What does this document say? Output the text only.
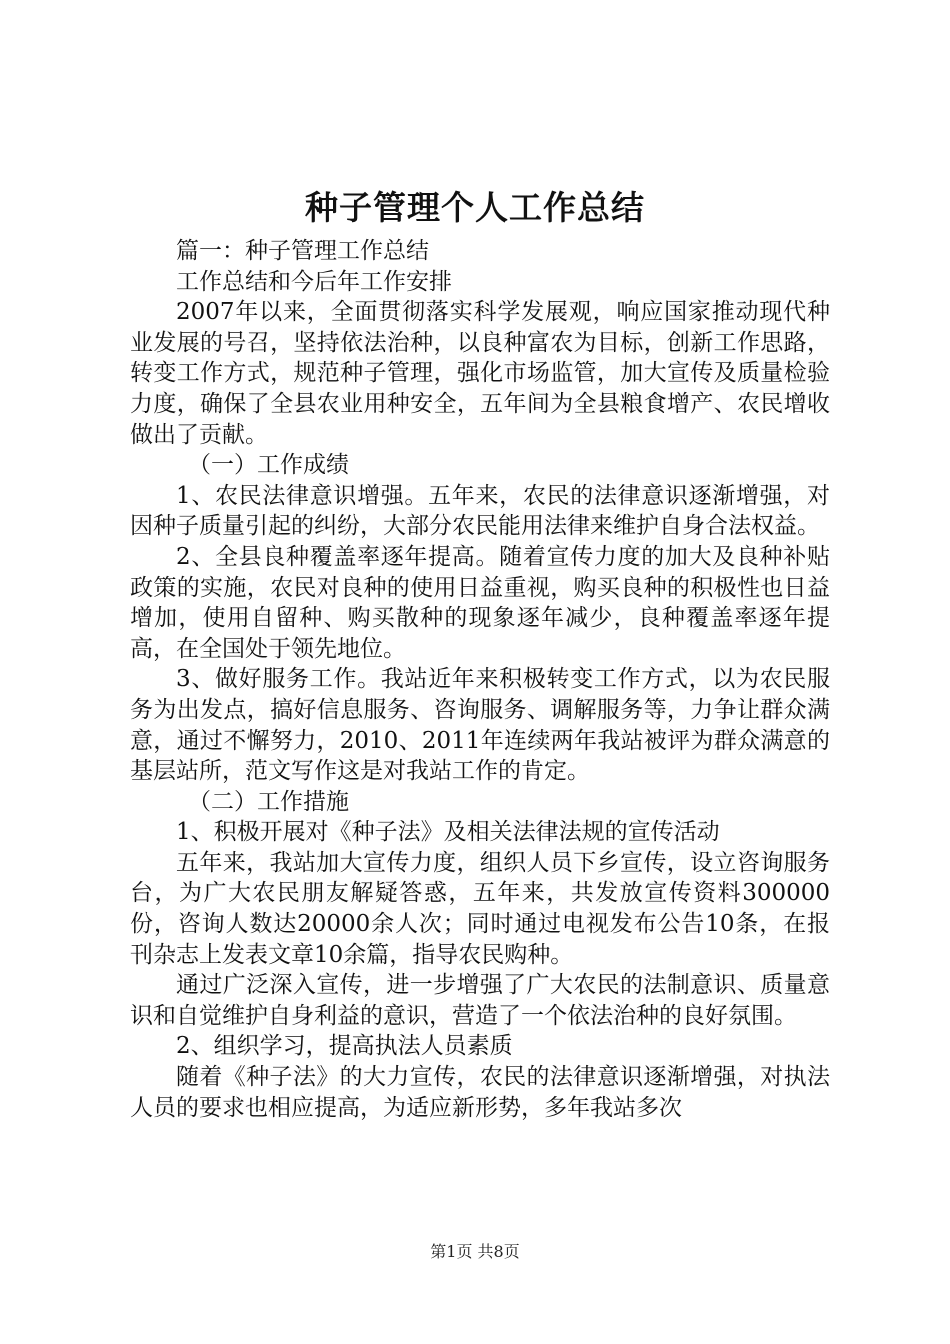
种子管理个人工作总结

篇一：种子管理工作总结

工作总结和今后年工作安排

2007年以来，全面贯彻落实科学发展观，响应国家推动现代种业发展的号召，坚持依法治种，以良种富农为目标，创新工作思路，转变工作方式，规范种子管理，强化市场监管，加大宣传及质量检验力度，确保了全县农业用种安全，五年间为全县粮食增产、农民增收做出了贡献。

（一）工作成绩

1、农民法律意识增强。五年来，农民的法律意识逐渐增强，对因种子质量引起的纠纷，大部分农民能用法律来维护自身合法权益。

2、全县良种覆盖率逐年提高。随着宣传力度的加大及良种补贴政策的实施，农民对良种的使用日益重视，购买良种的积极性也日益增加，使用自留种、购买散种的现象逐年减少，良种覆盖率逐年提高，在全国处于领先地位。

3、做好服务工作。我站近年来积极转变工作方式，以为农民服务为出发点，搞好信息服务、咨询服务、调解服务等，力争让群众满意，通过不懈努力，2010、2011年连续两年我站被评为群众满意的基层站所，范文写作这是对我站工作的肯定。

（二）工作措施

1、积极开展对《种子法》及相关法律法规的宣传活动

五年来，我站加大宣传力度，组织人员下乡宣传，设立咨询服务台，为广大农民朋友解疑答惑，五年来，共发放宣传资料300000份，咨询人数达20000余人次；同时通过电视发布公告10条，在报刊杂志上发表文章10余篇，指导农民购种。

通过广泛深入宣传，进一步增强了广大农民的法制意识、质量意识和自觉维护自身利益的意识，营造了一个依法治种的良好氛围。

2、组织学习，提高执法人员素质

随着《种子法》的大力宣传，农民的法律意识逐渐增强，对执法人员的要求也相应提高，为适应新形势，多年我站多次

第1页 共8页
